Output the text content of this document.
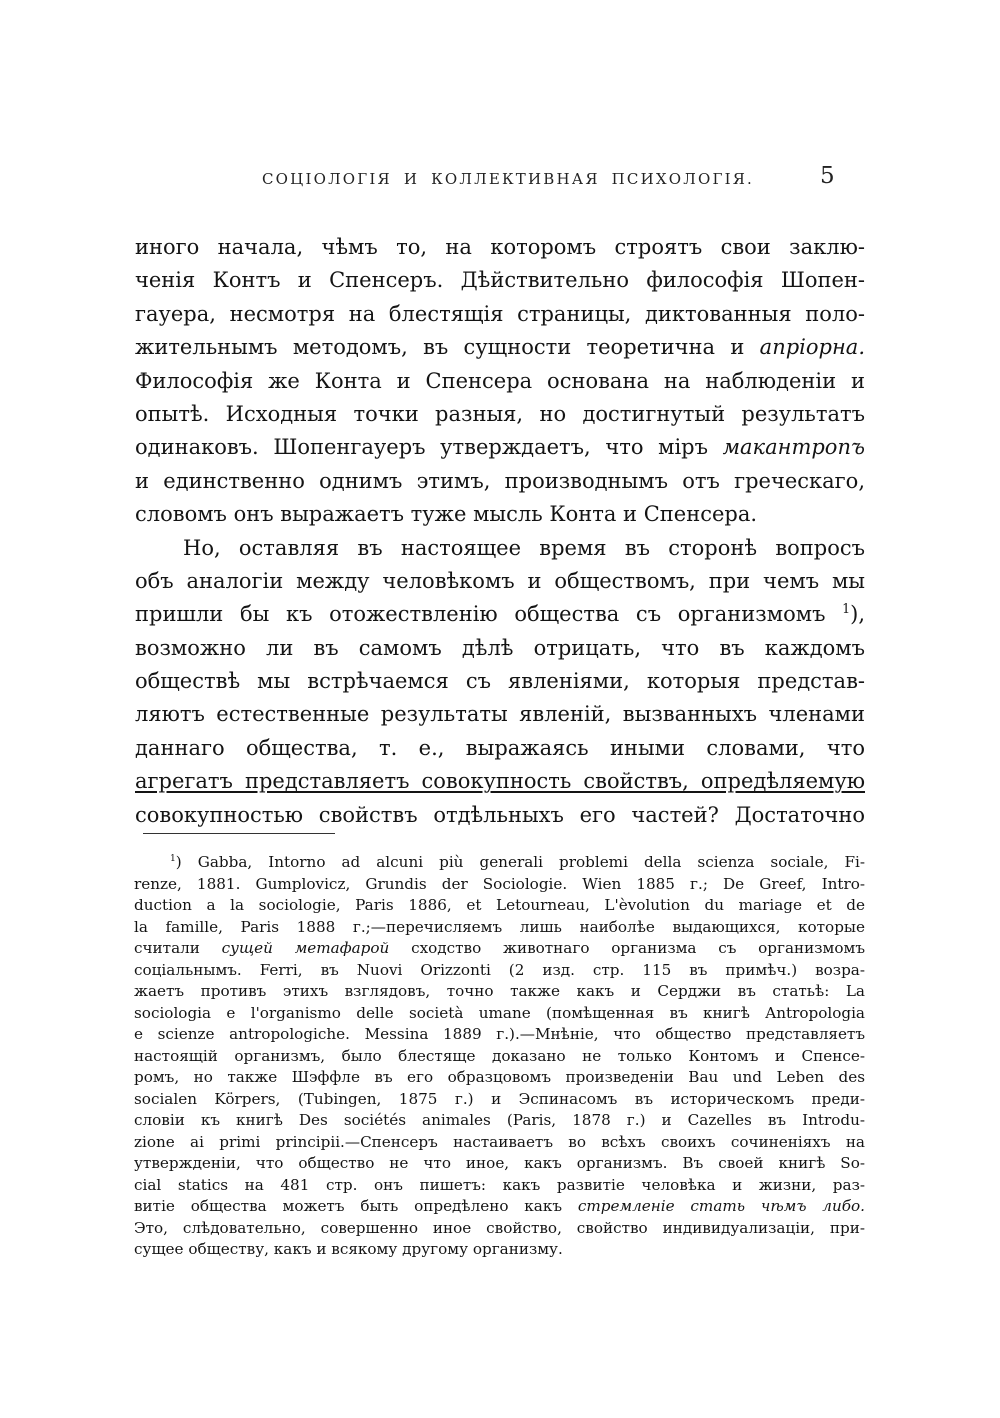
СОЦІОЛОГІЯ И КОЛЛЕКТИВНАЯ ПСИХОЛОГІЯ.	5
иного начала, чѣмъ то, на которомъ строятъ свои заклю-
ченія Контъ и Спенсеръ. Дѣйствительно философія Шопен-
гауера, несмотря на блестящія страницы, диктованныя поло-
жительнымъ методомъ, въ сущности теоретична и апріорна.
Философія же Конта и Спенсера основана на наблюденіи и
опытѣ. Исходныя точки разныя, но достигнутый результатъ
одинаковъ. Шопенгауеръ утверждаетъ, что міръ макантропъ
и единственно однимъ этимъ, производнымъ отъ греческаго,
словомъ онъ выражаетъ туже мысль Конта и Спенсера.
Но, оставляя въ настоящее время въ сторонѣ вопросъ
объ аналогіи между человѣкомъ и обществомъ, при чемъ мы
пришли бы къ отожествленію общества съ организмомъ $^1$),
возможно ли въ самомъ дѣлѣ отрицать, что въ каждомъ
обществѣ мы встрѣчаемся съ явленіями, которыя представ-
ляютъ естественные результаты явленій, вызванныхъ членами
даннаго общества, т. е., выражаясь иными словами, что
агрегатъ представляетъ совокупность свойствъ, опредѣляемую
совокупностью свойствъ отдѣльныхъ его частей? Достаточно
$^1$) Gabba, Intorno ad alcuni più generali problemi della scienza sociale, Fi-
renze, 1881. Gumplovicz, Grundis der Sociologie. Wien 1885 г.; De Greef, Intro-
duction a la sociologie, Paris 1886, et Letourneau, L'èvolution du mariage et de
la famille, Paris 1888 г.;—перечисляемъ лишь наиболѣе выдающихся, которые
считали сущей метафарой сходство животнаго организма съ организмомъ
соціальнымъ. Ferri, въ Nuovi Orizzonti (2 изд. стр. 115 въ примѣч.) возра-
жаетъ противъ этихъ взглядовъ, точно также какъ и Серджи въ статьѣ: La
sociologia e l'organismo delle società umane (помѣщенная въ книгѣ Antropologia
e scienze antropologiche. Messina 1889 г.).—Мнѣніе, что общество представляетъ
настоящій организмъ, было блестяще доказано не только Контомъ и Спенсе-
ромъ, но также Шэффле въ его образцовомъ произведеніи Bau und Leben des
socialen Körpers, (Tubingen, 1875 г.) и Эспинасомъ въ историческомъ преди-
словіи къ книгѣ Des sociétés animales (Paris, 1878 г.) и Cazelles въ Introdu-
zione ai primi principii.—Спенсеръ настаиваетъ во всѣхъ своихъ сочиненіяхъ на
утвержденіи, что общество не что иное, какъ организмъ. Въ своей книгѣ So-
cial statics на 481 стр. онъ пишетъ: какъ развитіе человѣка и жизни, раз-
витіе общества можетъ быть опредѣлено какъ стремленіе стать чѣмъ либо.
Это, слѣдовательно, совершенно иное свойство, свойство индивидуализаціи, при-
сущее обществу, какъ и всякому другому организму.
